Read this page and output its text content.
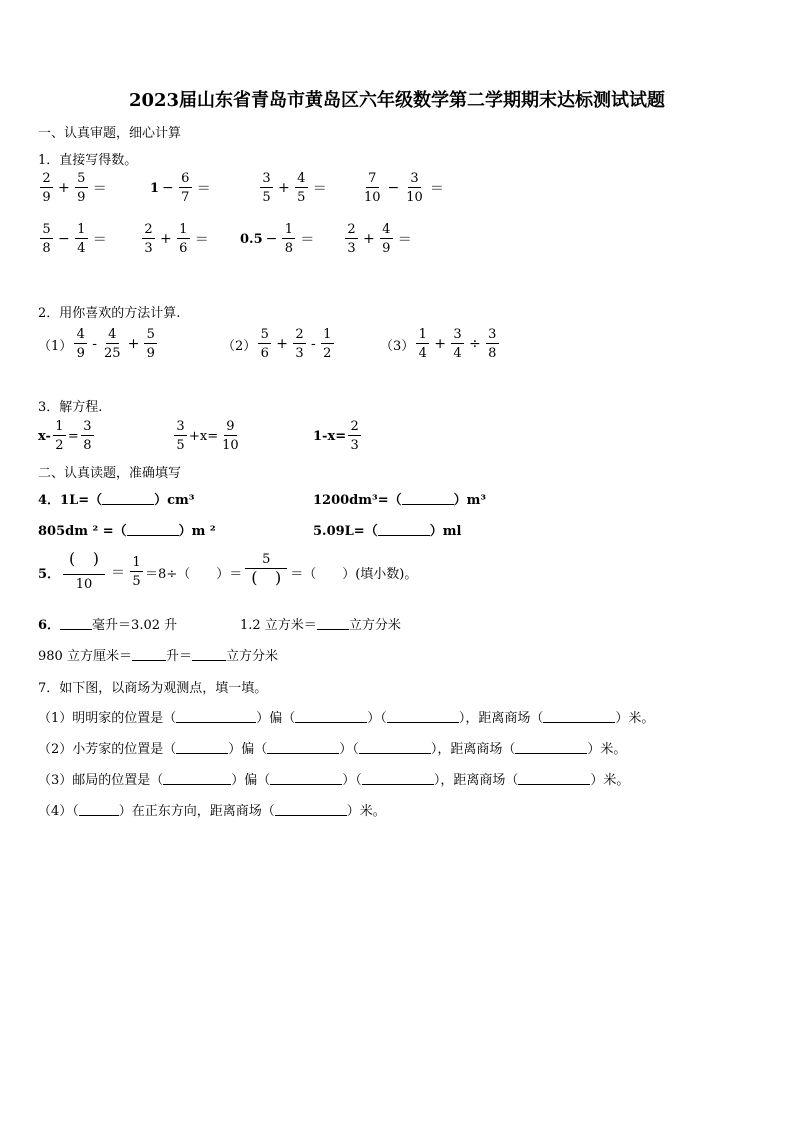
2023届山东省青岛市黄岛区六年级数学第二学期期末达标测试试题
一、认真审题，细心计算
1．直接写得数。
$\frac{2}{9} + \frac{5}{9}$ ＝	$1 - \frac{6}{7}$ ＝	$\frac{3}{5} + \frac{4}{5}$ ＝	$\frac{7}{10} - \frac{3}{10}$ ＝
$\frac{5}{8} - \frac{1}{4}$ ＝	$\frac{2}{3} + \frac{1}{6} = 0.5 - \frac{1}{8} = \frac{2}{3} + \frac{4}{9}$ ＝
2．用你喜欢的方法计算.
$(1) \frac{4}{9} - \frac{4}{25} + \frac{5}{9}$	$(2) \frac{5}{6} + \frac{2}{3} - \frac{1}{2}$	$(3) \frac{1}{4} + \frac{3}{4} \div \frac{3}{8}$
3．解方程.
$x- \frac{1}{2} = \frac{3}{8}$	$\frac{3}{5} +x= \frac{9}{10}$	$1-x= \frac{2}{3}$
二、认真读题，准确填写
4．1L=（	）cm³	1200dm³=（	）m³
805dm ² =（	）m ²	5.09L=（	）ml
5．
( )
10
＝ $\frac{1}{5} =8\div$（　　）＝
5
( )
＝（　　）(填小数)。
6． 毫升＝3.02 升	1.2 立方米＝ 立方分米
980 立方厘米＝	升＝	立方分米
7．如下图，以商场为观测点，填一填。
（1）明明家的位置是（	）偏（	）（	），距离商场（	）米。
（2）小芳家的位置是（	）偏（	）（	），距离商场（	）米。
（3）邮局的位置是（	）偏（	）（	），距离商场（	）米。
（4）（	）在正东方向，距离商场（	）米。
